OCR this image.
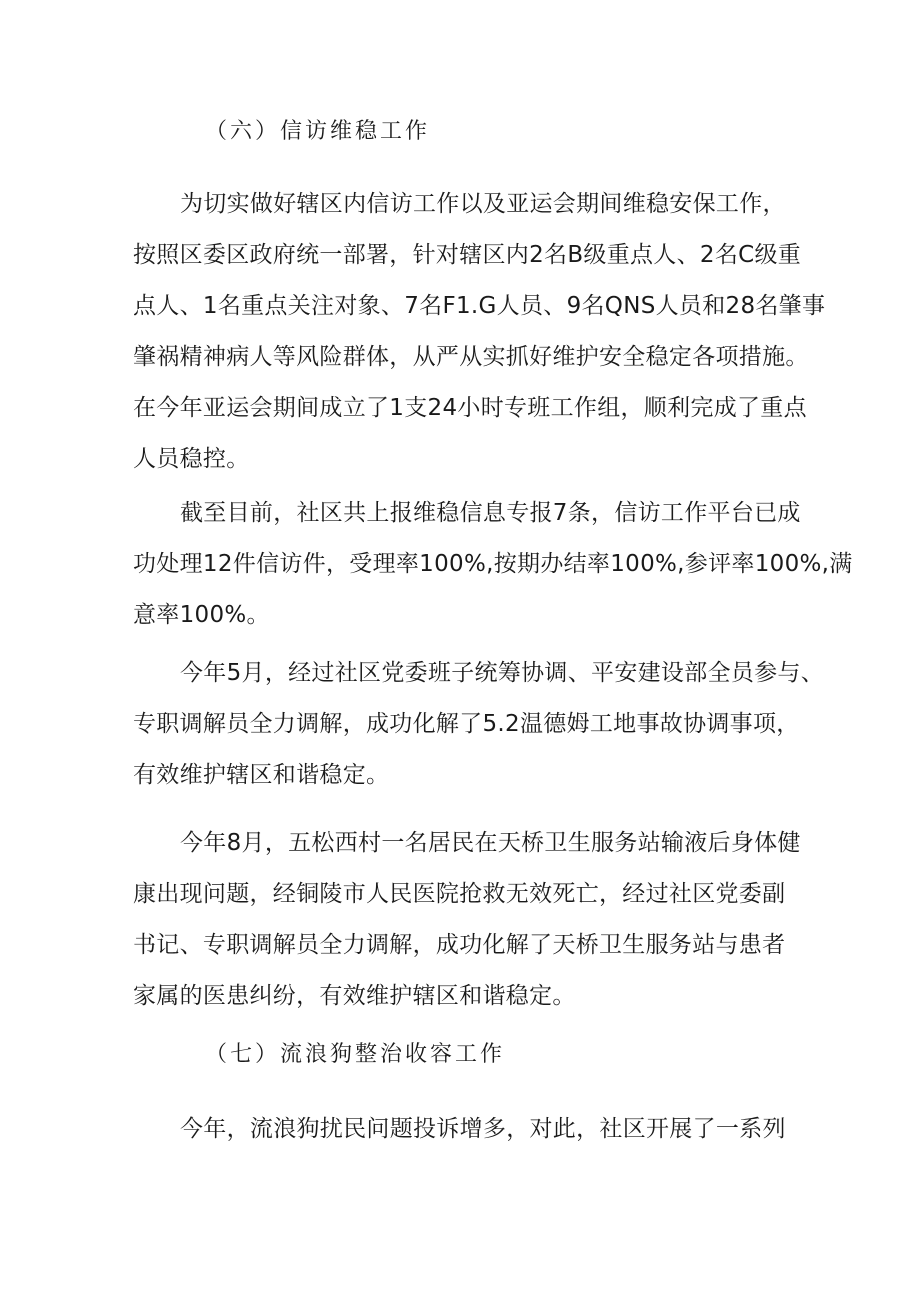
（六）信访维稳工作
为切实做好辖区内信访工作以及亚运会期间维稳安保工作，
按照区委区政府统一部署，针对辖区内2名B级重点人、2名C级重
点人、1名重点关注对象、7名F1.G人员、9名QNS人员和28名肇事
肇祸精神病人等风险群体，从严从实抓好维护安全稳定各项措施。
在今年亚运会期间成立了1支24小时专班工作组，顺利完成了重点
人员稳控。
截至目前，社区共上报维稳信息专报7条，信访工作平台已成
功处理12件信访件，受理率100%,按期办结率100%,参评率100%,满
意率100%。
今年5月，经过社区党委班子统筹协调、平安建设部全员参与、
专职调解员全力调解，成功化解了5.2温德姆工地事故协调事项，
有效维护辖区和谐稳定。
今年8月，五松西村一名居民在天桥卫生服务站输液后身体健
康出现问题，经铜陵市人民医院抢救无效死亡，经过社区党委副
书记、专职调解员全力调解，成功化解了天桥卫生服务站与患者
家属的医患纠纷，有效维护辖区和谐稳定。
（七）流浪狗整治收容工作
今年，流浪狗扰民问题投诉增多，对此，社区开展了一系列
